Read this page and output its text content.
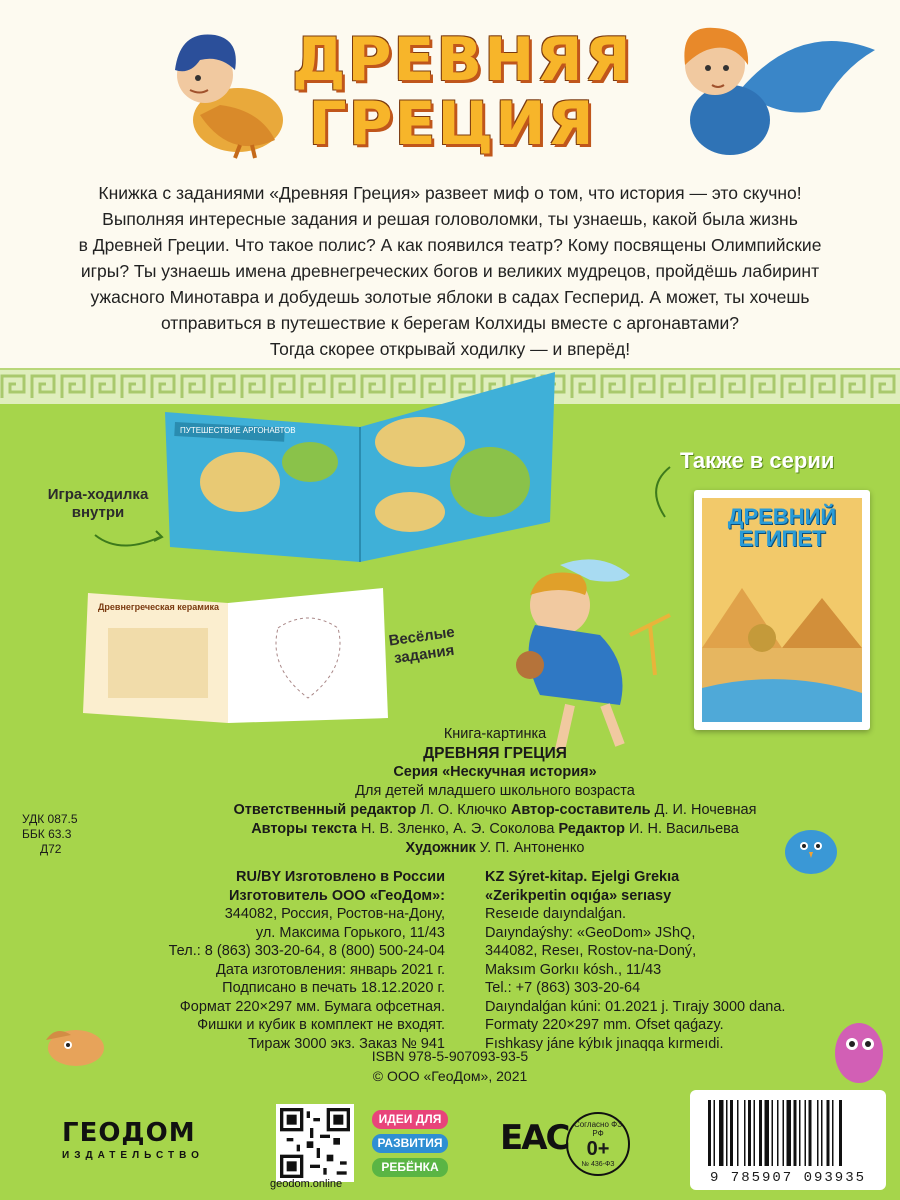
ДРЕВНЯЯ
ГРЕЦИЯ
Книжка с заданиями «Древняя Греция» развеет миф о том, что история — это скучно!
Выполняя интересные задания и решая головоломки, ты узнаешь, какой была жизнь
в Древней Греции. Что такое полис? А как появился театр? Кому посвящены Олимпийские
игры? Ты узнаешь имена древнегреческих богов и великих мудрецов, пройдёшь лабиринт
ужасного Минотавра и добудешь золотые яблоки в садах Гесперид. А может, ты хочешь
отправиться в путешествие к берегам Колхиды вместе с аргонавтами?
Тогда скорее открывай ходилку — и вперёд!
ПУТЕШЕСТВИЕ АРГОНАВТОВ
Игра-ходилка внутри
Также в серии
ДРЕВНИЙ
ЕГИПЕТ
Древнегреческая керамика
Весёлые задания
Книга-картинка
ДРЕВНЯЯ ГРЕЦИЯ
Серия «Нескучная история»
Для детей младшего школьного возраста
Ответственный редактор Л. О. Ключко Автор-составитель Д. И. Ночевная
Авторы текста Н. В. Зленко, А. Э. Соколова Редактор И. Н. Васильева
Художник У. П. Антоненко
УДК 087.5
ББК 63.3
Д72
RU/BY Изготовлено в России
Изготовитель ООО «ГеоДом»:
344082, Россия, Ростов-на-Дону,
ул. Максима Горького, 11/43
Тел.: 8 (863) 303-20-64, 8 (800) 500-24-04
Дата изготовления: январь 2021 г.
Подписано в печать 18.12.2020 г.
Формат 220×297 мм. Бумага офсетная.
Фишки и кубик в комплект не входят.
Тираж 3000 экз. Заказ № 941
KZ Sýret-kitap. Ejelgi Grekıa
«Zerikpeıtin oqıǵa» serıasy
Reseıde daıyndalǵan.
Daıyndaýshy: «GeoDom» JShQ,
344082, Reseı, Rostov-na-Doný,
Maksım Gorkıı kósh., 11/43
Tel.: +7 (863) 303-20-64
Daıyndalǵan kúni: 01.2021 j. Tırajy 3000 dana.
Formaty 220×297 mm. Ofset qaǵazy.
Fıshkasy jáne kýbık jınaqqa kırmeıdi.
ISBN 978-5-907093-93-5
© ООО «ГеоДом», 2021
ГЕОДОМ
ИЗДАТЕЛЬСТВО
geodom.online
ИДЕИ ДЛЯ
РАЗВИТИЯ
РЕБЁНКА
ЕАС Согласно ФЗ РФ
0+
№ 436-ФЗ
9 785907 093935
